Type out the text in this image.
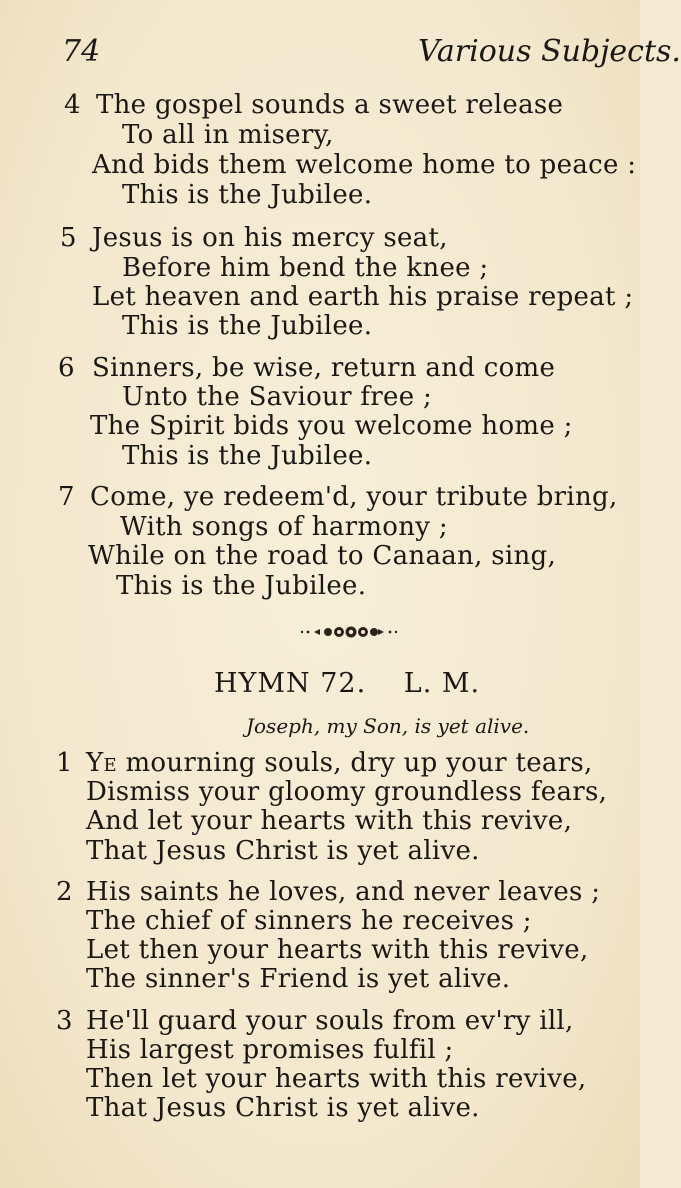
74	Various Subjects.
4 The gospel sounds a sweet release
To all in misery,
And bids them welcome home to peace :
This is the Jubilee.
5 Jesus is on his mercy seat,
Before him bend the knee ;
Let heaven and earth his praise repeat ;
This is the Jubilee.
6 Sinners, be wise, return and come
Unto the Saviour free ;
The Spirit bids you welcome home ;
This is the Jubilee.
7 Come, ye redeem'd, your tribute bring,
With songs of harmony ;
While on the road to Canaan, sing,
This is the Jubilee.
HYMN 72. L. M.
Joseph, my Son, is yet alive.
1 Ye mourning souls, dry up your tears,
Dismiss your gloomy groundless fears,
And let your hearts with this revive,
That Jesus Christ is yet alive.
2 His saints he loves, and never leaves ;
The chief of sinners he receives ;
Let then your hearts with this revive,
The sinner's Friend is yet alive.
3 He'll guard your souls from ev'ry ill,
His largest promises fulfil ;
Then let your hearts with this revive,
That Jesus Christ is yet alive.
